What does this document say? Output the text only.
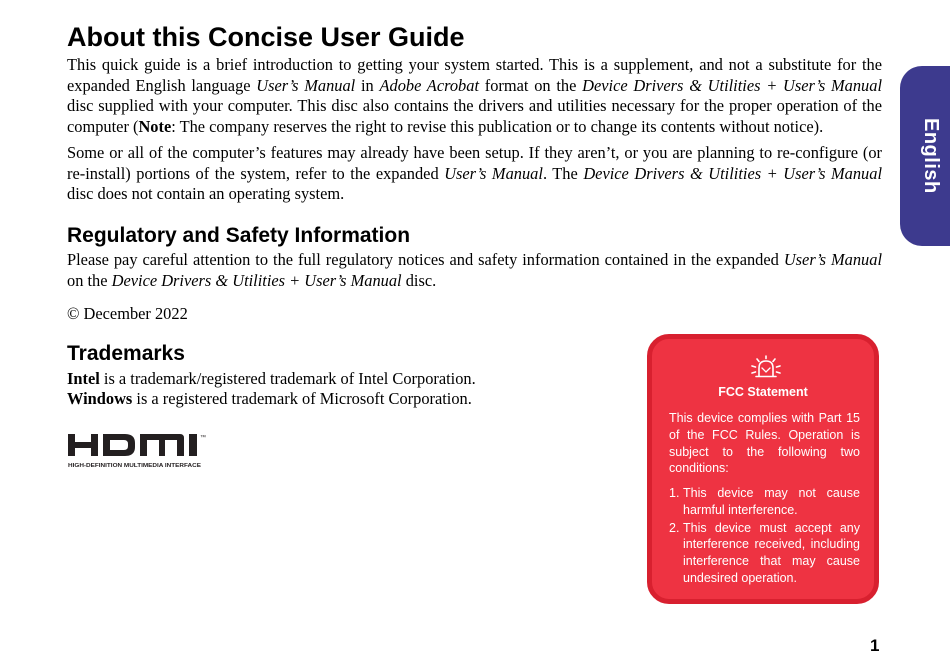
About this Concise User Guide

This quick guide is a brief introduction to getting your system started. This is a supplement, and not a substitute for the expanded English language User’s Manual in Adobe Acrobat format on the Device Drivers & Utilities + User’s Manual disc supplied with your computer. This disc also contains the drivers and utilities necessary for the proper operation of the computer (Note: The company reserves the right to revise this publication or to change its contents without notice).

Some or all of the computer’s features may already have been setup. If they aren’t, or you are planning to re-configure (or re-install) portions of the system, refer to the expanded User’s Manual. The Device Drivers & Utilities + User’s Manual disc does not contain an operating system.

Regulatory and Safety Information

Please pay careful attention to the full regulatory notices and safety information contained in the expanded User’s Manual on the Device Drivers & Utilities + User’s Manual disc.

© December 2022

Trademarks

Intel is a trademark/registered trademark of Intel Corporation.

Windows is a registered trademark of Microsoft Corporation.

™
HIGH-DEFINITION MULTIMEDIA INTERFACE
English
FCC Statement

This device complies with Part 15 of the FCC Rules. Operation is subject to the following two conditions:

1. This device may not cause harmful interference.
2. This device must accept any interference received, including interference that may cause undesired operation.
1
